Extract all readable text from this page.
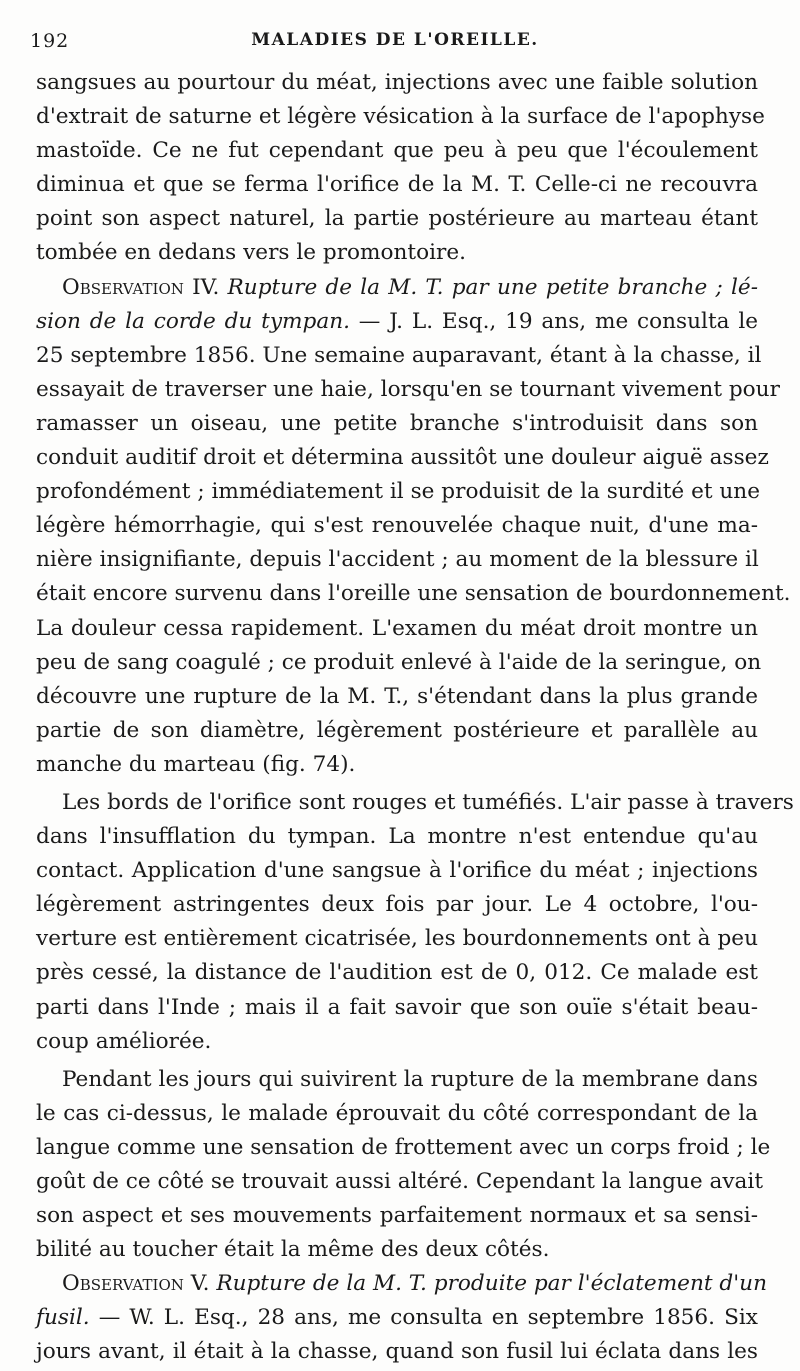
192	MALADIES DE L'OREILLE.
sangsues au pourtour du méat, injections avec une faible solution
d'extrait de saturne et légère vésication à la surface de l'apophyse
mastoïde. Ce ne fut cependant que peu à peu que l'écoulement
diminua et que se ferma l'orifice de la M. T. Celle-ci ne recouvra
point son aspect naturel, la partie postérieure au marteau étant
tombée en dedans vers le promontoire.
Observation IV. Rupture de la M. T. par une petite branche ; lé-
sion de la corde du tympan. — J. L. Esq., 19 ans, me consulta le
25 septembre 1856. Une semaine auparavant, étant à la chasse, il
essayait de traverser une haie, lorsqu'en se tournant vivement pour
ramasser un oiseau, une petite branche s'introduisit dans son
conduit auditif droit et détermina aussitôt une douleur aiguë assez
profondément ; immédiatement il se produisit de la surdité et une
légère hémorrhagie, qui s'est renouvelée chaque nuit, d'une ma-
nière insignifiante, depuis l'accident ; au moment de la blessure il
était encore survenu dans l'oreille une sensation de bourdonnement.
La douleur cessa rapidement. L'examen du méat droit montre un
peu de sang coagulé ; ce produit enlevé à l'aide de la seringue, on
découvre une rupture de la M. T., s'étendant dans la plus grande
partie de son diamètre, légèrement postérieure et parallèle au
manche du marteau (fig. 74).
Les bords de l'orifice sont rouges et tuméfiés. L'air passe à travers
dans l'insufflation du tympan. La montre n'est entendue qu'au
contact. Application d'une sangsue à l'orifice du méat ; injections
légèrement astringentes deux fois par jour. Le 4 octobre, l'ou-
verture est entièrement cicatrisée, les bourdonnements ont à peu
près cessé, la distance de l'audition est de 0, 012. Ce malade est
parti dans l'Inde ; mais il a fait savoir que son ouïe s'était beau-
coup améliorée.
Pendant les jours qui suivirent la rupture de la membrane dans
le cas ci-dessus, le malade éprouvait du côté correspondant de la
langue comme une sensation de frottement avec un corps froid ; le
goût de ce côté se trouvait aussi altéré. Cependant la langue avait
son aspect et ses mouvements parfaitement normaux et sa sensi-
bilité au toucher était la même des deux côtés.
Observation V. Rupture de la M. T. produite par l'éclatement d'un
fusil. — W. L. Esq., 28 ans, me consulta en septembre 1856. Six
jours avant, il était à la chasse, quand son fusil lui éclata dans les
